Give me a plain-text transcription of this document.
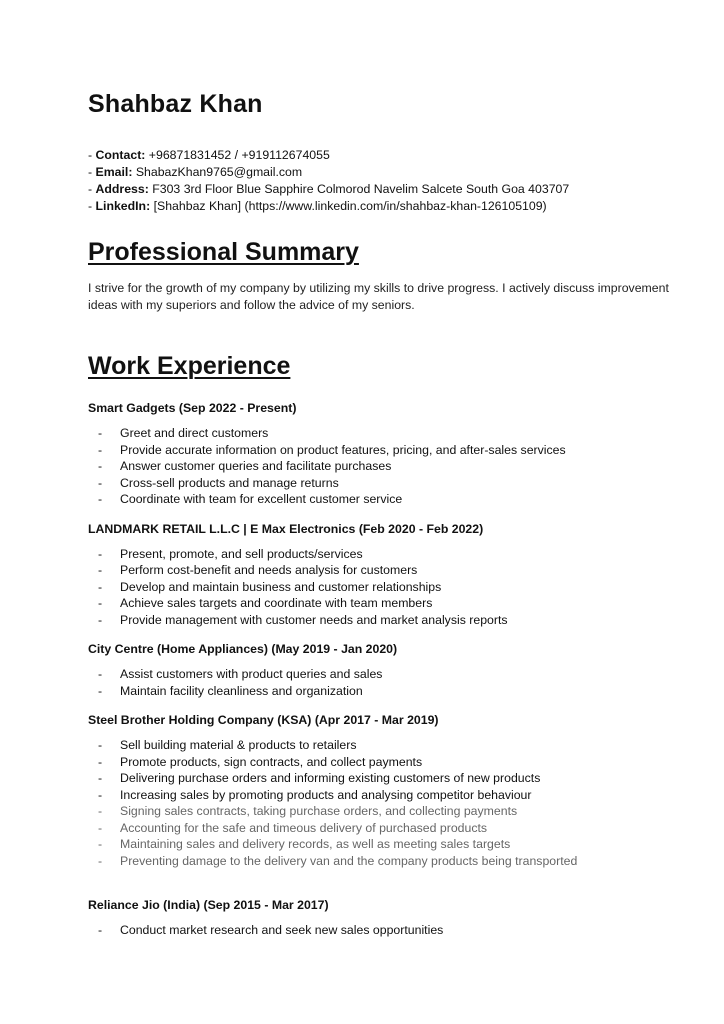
Shahbaz Khan
- Contact: +96871831452 / +919112674055
- Email: ShabazKhan9765@gmail.com
- Address: F303 3rd Floor Blue Sapphire Colmorod Navelim Salcete South Goa 403707
- LinkedIn: [Shahbaz Khan] (https://www.linkedin.com/in/shahbaz-khan-126105109)
Professional Summary

I strive for the growth of my company by utilizing my skills to drive progress. I actively discuss improvement ideas with my superiors and follow the advice of my seniors.

Work Experience
Smart Gadgets (Sep 2022 - Present)
- Greet and direct customers
- Provide accurate information on product features, pricing, and after-sales services
- Answer customer queries and facilitate purchases
- Cross-sell products and manage returns
- Coordinate with team for excellent customer service
LANDMARK RETAIL L.L.C | E Max Electronics (Feb 2020 - Feb 2022)
- Present, promote, and sell products/services
- Perform cost-benefit and needs analysis for customers
- Develop and maintain business and customer relationships
- Achieve sales targets and coordinate with team members
- Provide management with customer needs and market analysis reports
City Centre (Home Appliances) (May 2019 - Jan 2020)
- Assist customers with product queries and sales
- Maintain facility cleanliness and organization
Steel Brother Holding Company (KSA) (Apr 2017 - Mar 2019)
- Sell building material & products to retailers
- Promote products, sign contracts, and collect payments
- Delivering purchase orders and informing existing customers of new products
- Increasing sales by promoting products and analysing competitor behaviour
- Signing sales contracts, taking purchase orders, and collecting payments
- Accounting for the safe and timeous delivery of purchased products
- Maintaining sales and delivery records, as well as meeting sales targets
- Preventing damage to the delivery van and the company products being transported
Reliance Jio (India) (Sep 2015 - Mar 2017)
- Conduct market research and seek new sales opportunities
